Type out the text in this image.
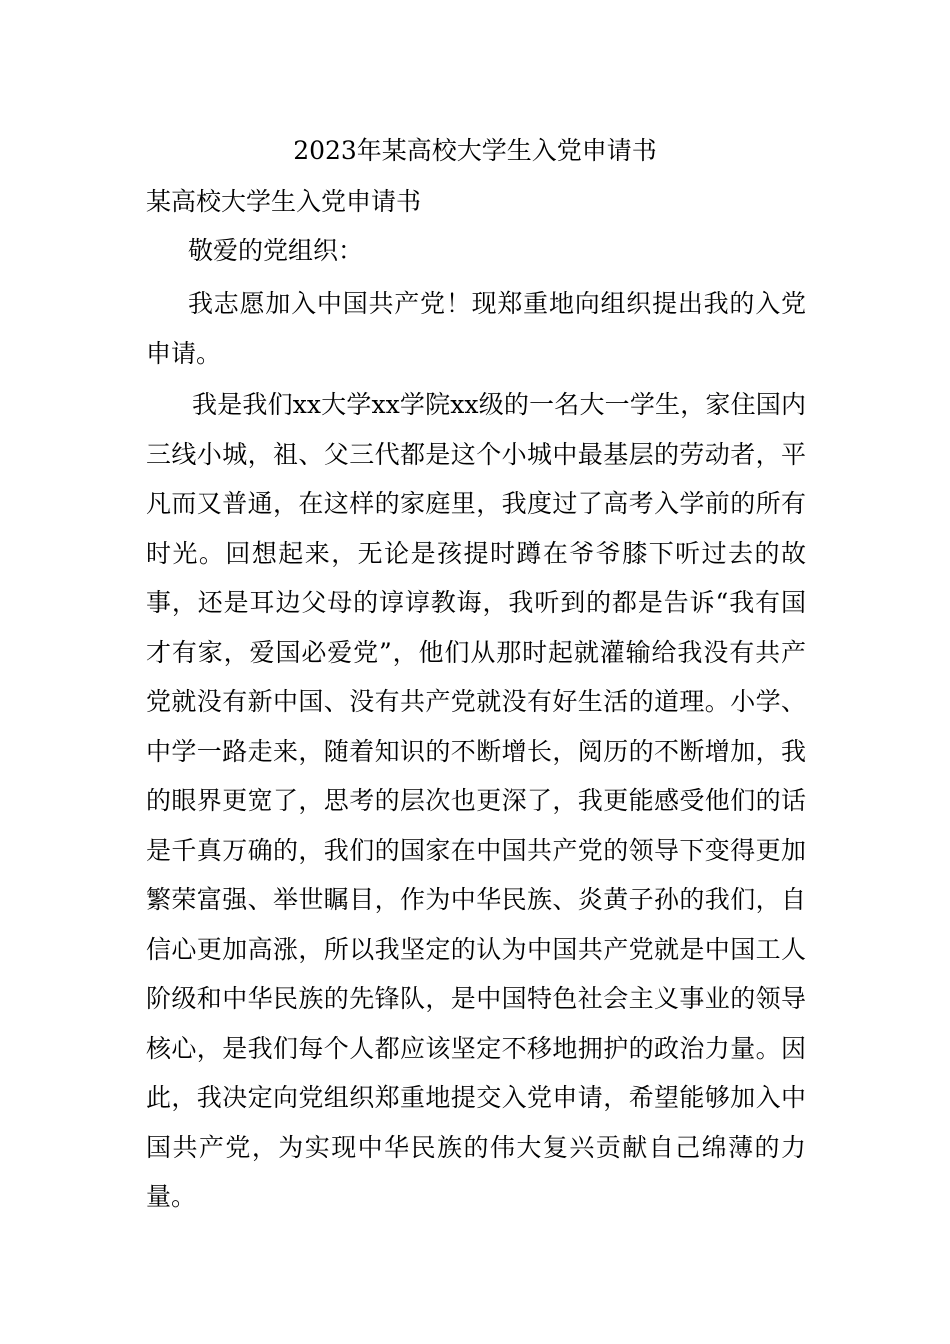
2023年某高校大学生入党申请书
某高校大学生入党申请书

敬爱的党组织：

我志愿加入中国共产党！现郑重地向组织提出我的入党申请。

我是我们xx大学xx学院xx级的一名大一学生，家住国内三线小城，祖、父三代都是这个小城中最基层的劳动者，平凡而又普通，在这样的家庭里，我度过了高考入学前的所有时光。回想起来，无论是孩提时蹲在爷爷膝下听过去的故事，还是耳边父母的谆谆教诲，我听到的都是告诉“我有国才有家，爱国必爱党”，他们从那时起就灌输给我没有共产党就没有新中国、没有共产党就没有好生活的道理。小学、中学一路走来，随着知识的不断增长，阅历的不断增加，我的眼界更宽了，思考的层次也更深了，我更能感受他们的话是千真万确的，我们的国家在中国共产党的领导下变得更加繁荣富强、举世瞩目，作为中华民族、炎黄子孙的我们，自信心更加高涨，所以我坚定的认为中国共产党就是中国工人阶级和中华民族的先锋队，是中国特色社会主义事业的领导核心，是我们每个人都应该坚定不移地拥护的政治力量。因此，我决定向党组织郑重地提交入党申请，希望能够加入中国共产党，为实现中华民族的伟大复兴贡献自己绵薄的力量。
